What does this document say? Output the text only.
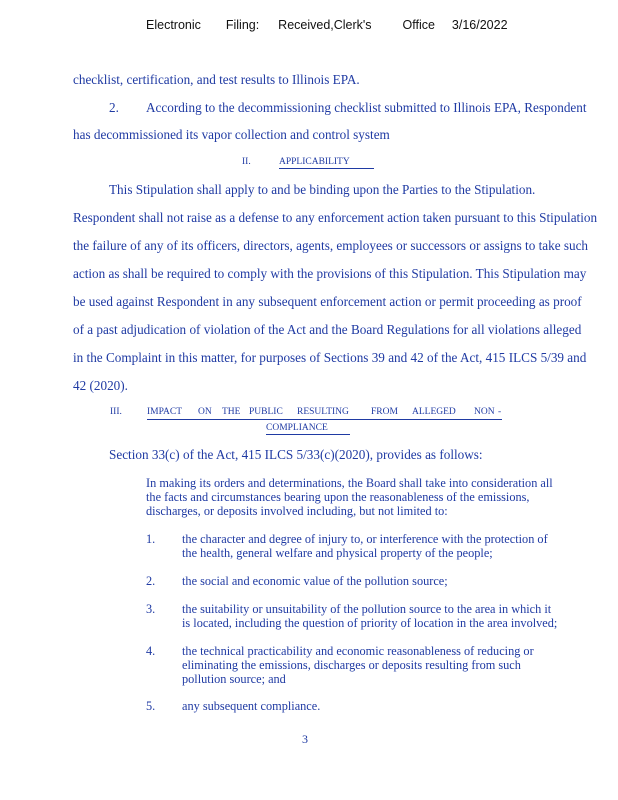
Electronic Filing: Received,Clerk's Office 3/16/2022
checklist, certification, and test results to Illinois EPA.
2. According to the decommissioning checklist submitted to Illinois EPA, Respondent
has decommissioned its vapor collection and control system
II.	APPLICABILITY
This Stipulation shall apply to and be binding upon the Parties to the Stipulation.
Respondent shall not raise as a defense to any enforcement action taken pursuant to this Stipulation
the failure of any of its officers, directors, agents, employees or successors or assigns to take such
action as shall be required to comply with the provisions of this Stipulation. This Stipulation may
be used against Respondent in any subsequent enforcement action or permit proceeding as proof
of a past adjudication of violation of the Act and the Board Regulations for all violations alleged
in the Complaint in this matter, for purposes of Sections 39 and 42 of the Act, 415 ILCS 5/39 and
42 (2020).
III.	IMPACT ON THE PUBLIC RESULTING FROM ALLEGED NON -
COMPLIANCE
Section 33(c) of the Act, 415 ILCS 5/33(c)(2020), provides as follows:
In making its orders and determinations, the Board shall take into consideration all
the facts and circumstances bearing upon the reasonableness of the emissions,
discharges, or deposits involved including, but not limited to:
1. the character and degree of injury to, or interference with the protection of
the health, general welfare and physical property of the people;
2. the social and economic value of the pollution source;
3. the suitability or unsuitability of the pollution source to the area in which it
is located, including the question of priority of location in the area involved;
4. the technical practicability and economic reasonableness of reducing or
eliminating the emissions, discharges or deposits resulting from such
pollution source; and
5. any subsequent compliance.
3
